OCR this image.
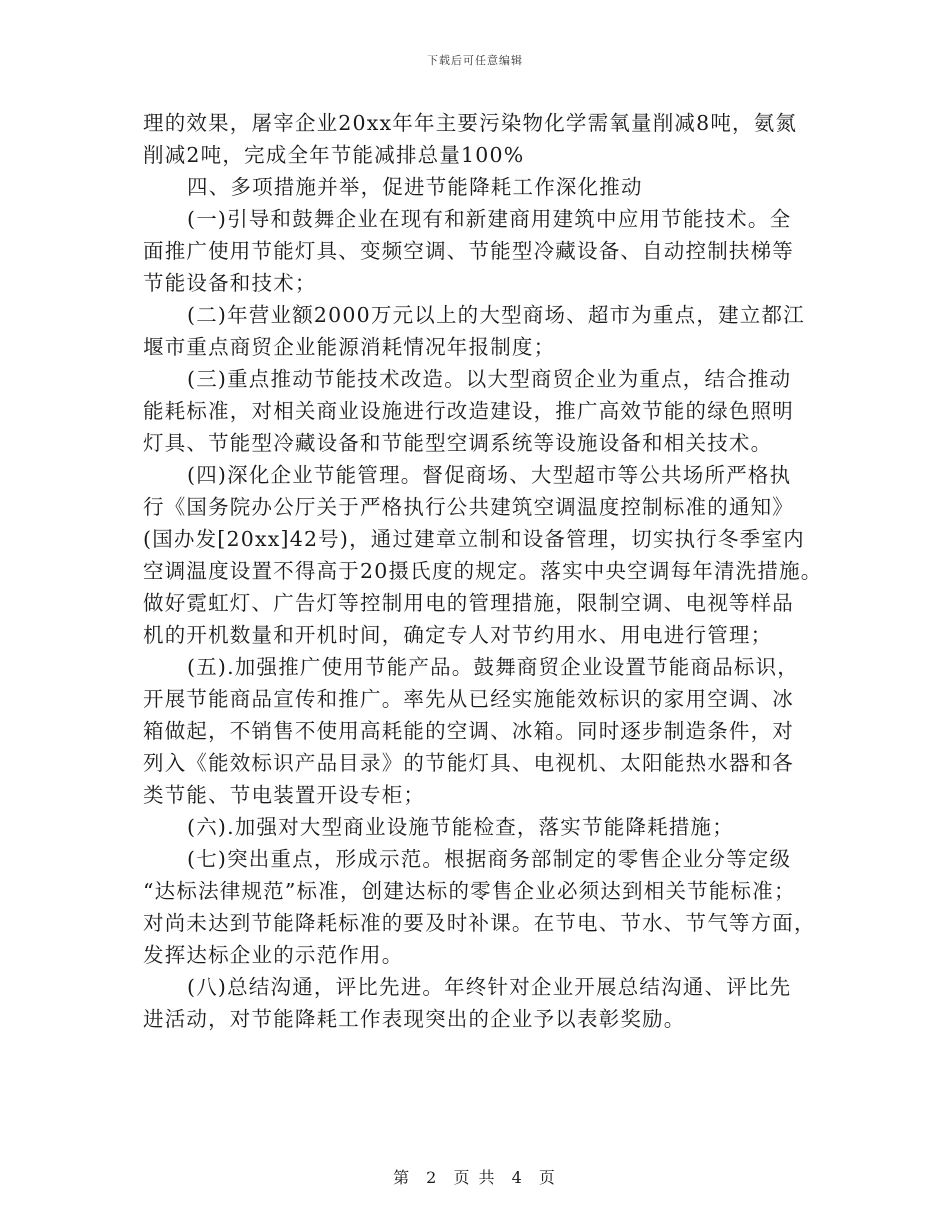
下载后可任意编辑
理的效果，屠宰企业20xx年年主要污染物化学需氧量削减8吨，氨氮
削减2吨，完成全年节能减排总量100%
四、多项措施并举，促进节能降耗工作深化推动
(一)引导和鼓舞企业在现有和新建商用建筑中应用节能技术。全
面推广使用节能灯具、变频空调、节能型冷藏设备、自动控制扶梯等
节能设备和技术；
(二)年营业额2000万元以上的大型商场、超市为重点，建立都江
堰市重点商贸企业能源消耗情况年报制度；
(三)重点推动节能技术改造。以大型商贸企业为重点，结合推动
能耗标准，对相关商业设施进行改造建设，推广高效节能的绿色照明
灯具、节能型冷藏设备和节能型空调系统等设施设备和相关技术。
(四)深化企业节能管理。督促商场、大型超市等公共场所严格执
行《国务院办公厅关于严格执行公共建筑空调温度控制标准的通知》
(国办发[20xx]42号)，通过建章立制和设备管理，切实执行冬季室内
空调温度设置不得高于20摄氏度的规定。落实中央空调每年清洗措施。
做好霓虹灯、广告灯等控制用电的管理措施，限制空调、电视等样品
机的开机数量和开机时间，确定专人对节约用水、用电进行管理；
(五).加强推广使用节能产品。鼓舞商贸企业设置节能商品标识，
开展节能商品宣传和推广。率先从已经实施能效标识的家用空调、冰
箱做起，不销售不使用高耗能的空调、冰箱。同时逐步制造条件，对
列入《能效标识产品目录》的节能灯具、电视机、太阳能热水器和各
类节能、节电装置开设专柜；
(六).加强对大型商业设施节能检查，落实节能降耗措施；
(七)突出重点，形成示范。根据商务部制定的零售企业分等定级
“达标法律规范”标准，创建达标的零售企业必须达到相关节能标准；
对尚未达到节能降耗标准的要及时补课。在节电、节水、节气等方面，
发挥达标企业的示范作用。
(八)总结沟通，评比先进。年终针对企业开展总结沟通、评比先
进活动，对节能降耗工作表现突出的企业予以表彰奖励。
第 2 页 共 4 页
